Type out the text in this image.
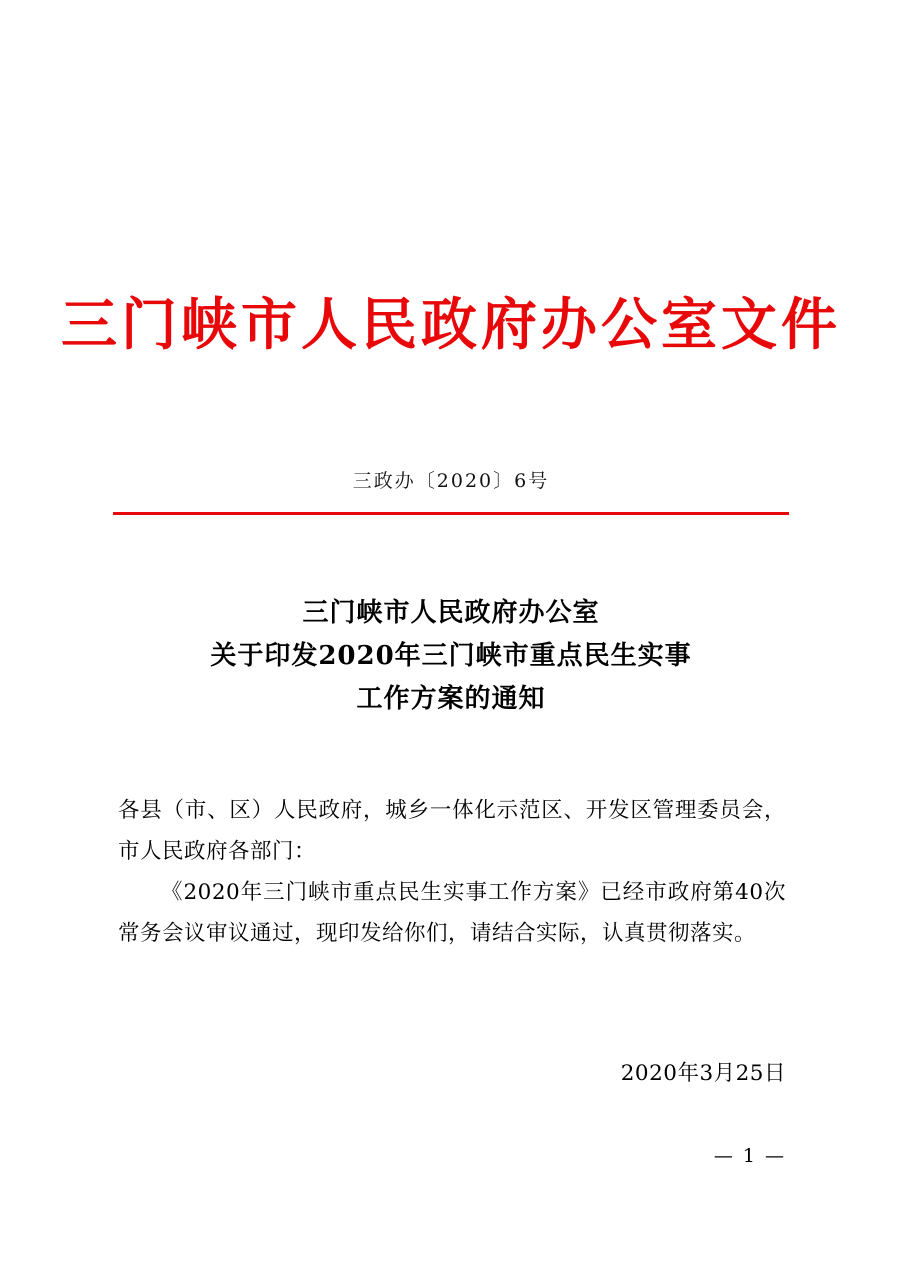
三门峡市人民政府办公室文件
三政办〔2020〕6号
三门峡市人民政府办公室
关于印发2020年三门峡市重点民生实事
工作方案的通知

各县（市、区）人民政府，城乡一体化示范区、开发区管理委员会，市人民政府各部门：

《2020年三门峡市重点民生实事工作方案》已经市政府第40次常务会议审议通过，现印发给你们，请结合实际，认真贯彻落实。

2020年3月25日
— 1 —
